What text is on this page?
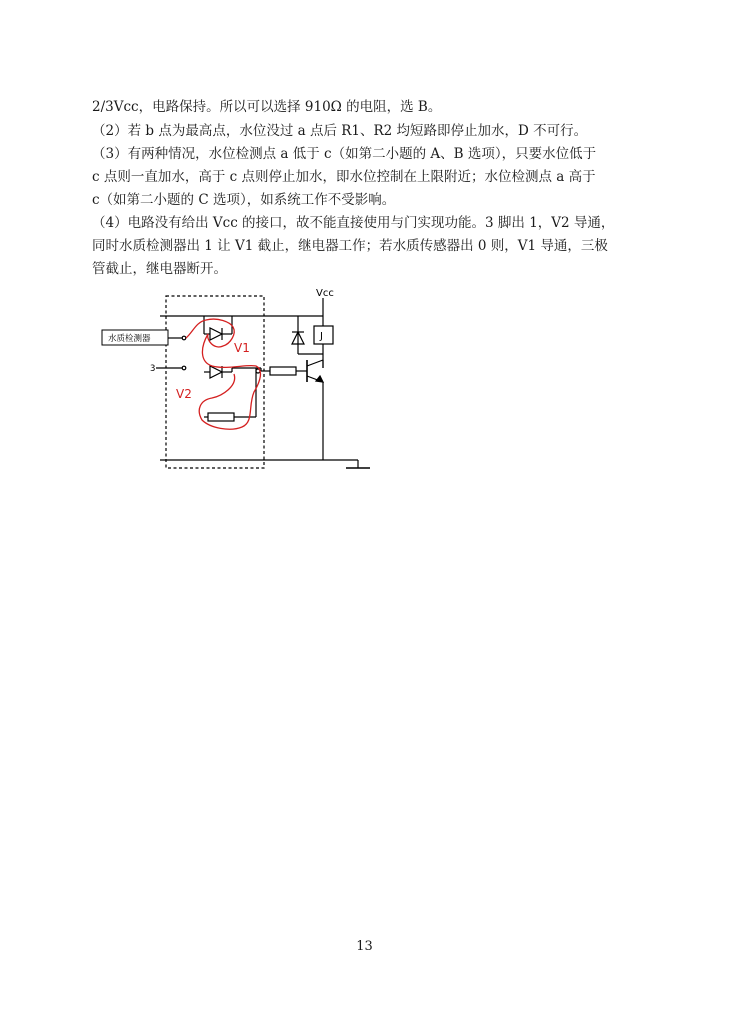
2/3Vcc，电路保持。所以可以选择 910Ω 的电阻，选 B。
（2）若 b 点为最高点，水位没过 a 点后 R1、R2 均短路即停止加水，D 不可行。
（3）有两种情况，水位检测点 a 低于 c（如第二小题的 A、B 选项），只要水位低于
c 点则一直加水，高于 c 点则停止加水，即水位控制在上限附近；水位检测点 a 高于
c（如第二小题的 C 选项），如系统工作不受影响。
（4）电路没有给出 Vcc 的接口，故不能直接使用与门实现功能。3 脚出 1，V2 导通，
同时水质检测器出 1 让 V1 截止，继电器工作；若水质传感器出 0 则，V1 导通，三极
管截止，继电器断开。
Vcc
水质检测器
3
J
V1
V2
13
